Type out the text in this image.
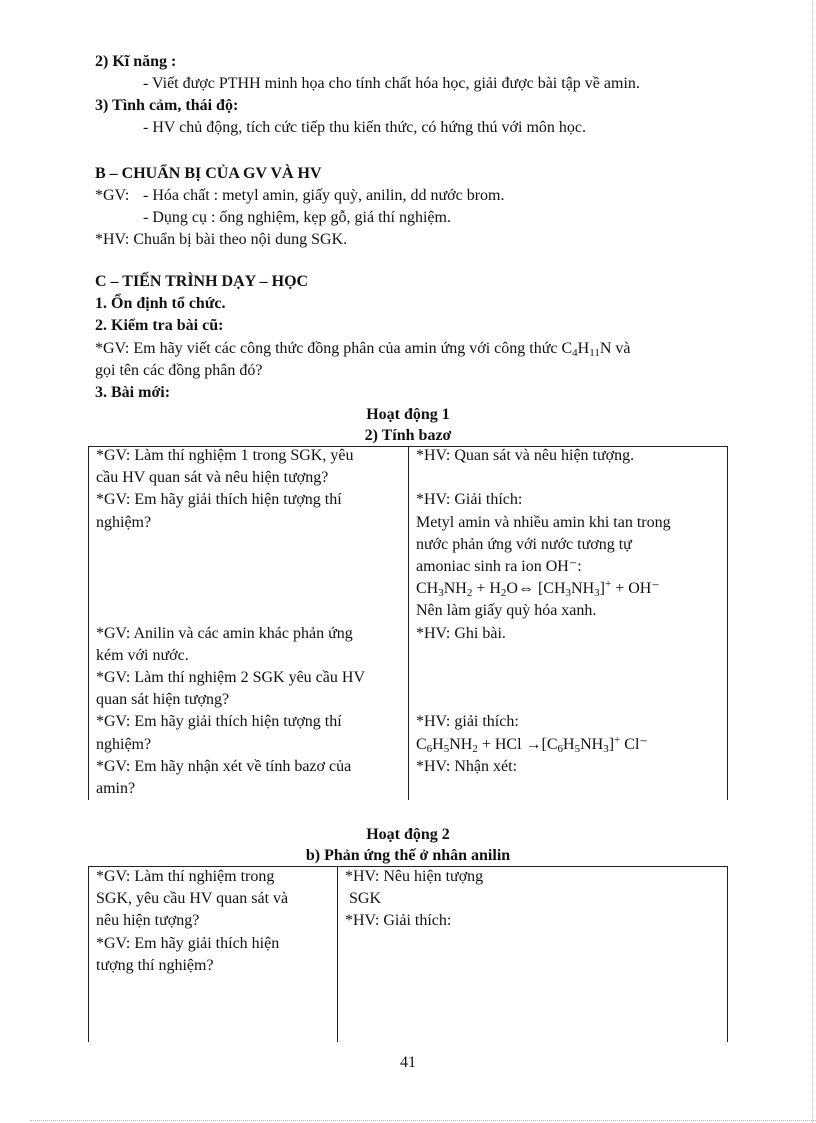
2) Kĩ năng :
- Viết được PTHH minh họa cho tính chất hóa học, giải được bài tập về amin.
3) Tình cảm, thái độ:
- HV chủ động, tích cức tiếp thu kiến thức, có hứng thú với môn học.
B – CHUẨN BỊ CỦA GV VÀ HV
*GV: - Hóa chất : metyl amin, giấy quỳ, anilin, dd nước brom.
- Dụng cụ : ống nghiệm, kẹp gỗ, giá thí nghiệm.
*HV: Chuẩn bị bài theo nội dung SGK.
C – TIẾN TRÌNH DẠY – HỌC
1. Ổn định tổ chức.
2. Kiểm tra bài cũ:
*GV: Em hãy viết các công thức đồng phân của amin ứng với công thức $C_4H_{11}N$ và
gọi tên các đồng phân đó?
3. Bài mới:
Hoạt động 1
2) Tính bazơ
*GV: Làm thí nghiệm 1 trong SGK, yêu
cầu HV quan sát và nêu hiện tượng?
*GV: Em hãy giải thích hiện tượng thí
nghiệm?
*GV: Anilin và các amin khác phản ứng
kém với nước.
*GV: Làm thí nghiệm 2 SGK yêu cầu HV
quan sát hiện tượng?
*GV: Em hãy giải thích hiện tượng thí
nghiệm?
*GV: Em hãy nhận xét về tính bazơ của
amin?
*HV: Quan sát và nêu hiện tượng.
*HV: Giải thích:
Metyl amin và nhiều amin khi tan trong
nước phản ứng với nước tương tự
amoniac sinh ra ion OH⁻:
$CH_3NH_2$ + $H_2O\Leftrightarrow$ $[CH_3NH_3]^+ + OH^-$
Nên làm giấy quỳ hóa xanh.
*HV: Ghi bài.
*HV: giải thích:
$C_6H_5NH_2$ + HCl $\to[C_6H_5NH_3]^+$ Cl⁻
*HV: Nhận xét:
Hoạt động 2
b) Phản ứng thế ở nhân anilin
*GV: Làm thí nghiệm trong
SGK, yêu cầu HV quan sát và
nêu hiện tượng?
*GV: Em hãy giải thích hiện
tượng thí nghiệm?
*HV: Nêu hiện tượng
SGK
*HV: Giải thích:
41
